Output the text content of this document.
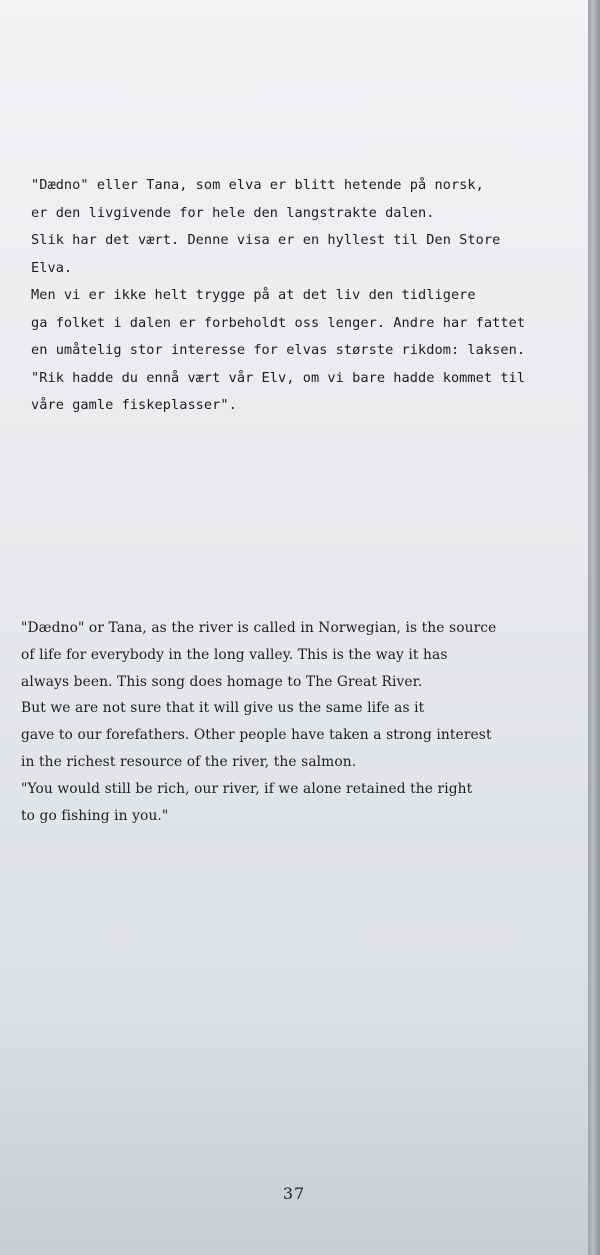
"Dædno" eller Tana, som elva er blitt hetende på norsk,
er den livgivende for hele den langstrakte dalen.
Slik har det vært. Denne visa er en hyllest til Den Store
Elva.
Men vi er ikke helt trygge på at det liv den tidligere
ga folket i dalen er forbeholdt oss lenger. Andre har fattet
en umåtelig stor interesse for elvas største rikdom: laksen.
"Rik hadde du ennå vært vår Elv, om vi bare hadde kommet til
våre gamle fiskeplasser".
"Dædno" or Tana, as the river is called in Norwegian, is the source
of life for everybody in the long valley. This is the way it has
always been. This song does homage to The Great River.
But we are not sure that it will give us the same life as it
gave to our forefathers. Other people have taken a strong interest
in the richest resource of the river, the salmon.
"You would still be rich, our river, if we alone retained the right
to go fishing in you."
37
